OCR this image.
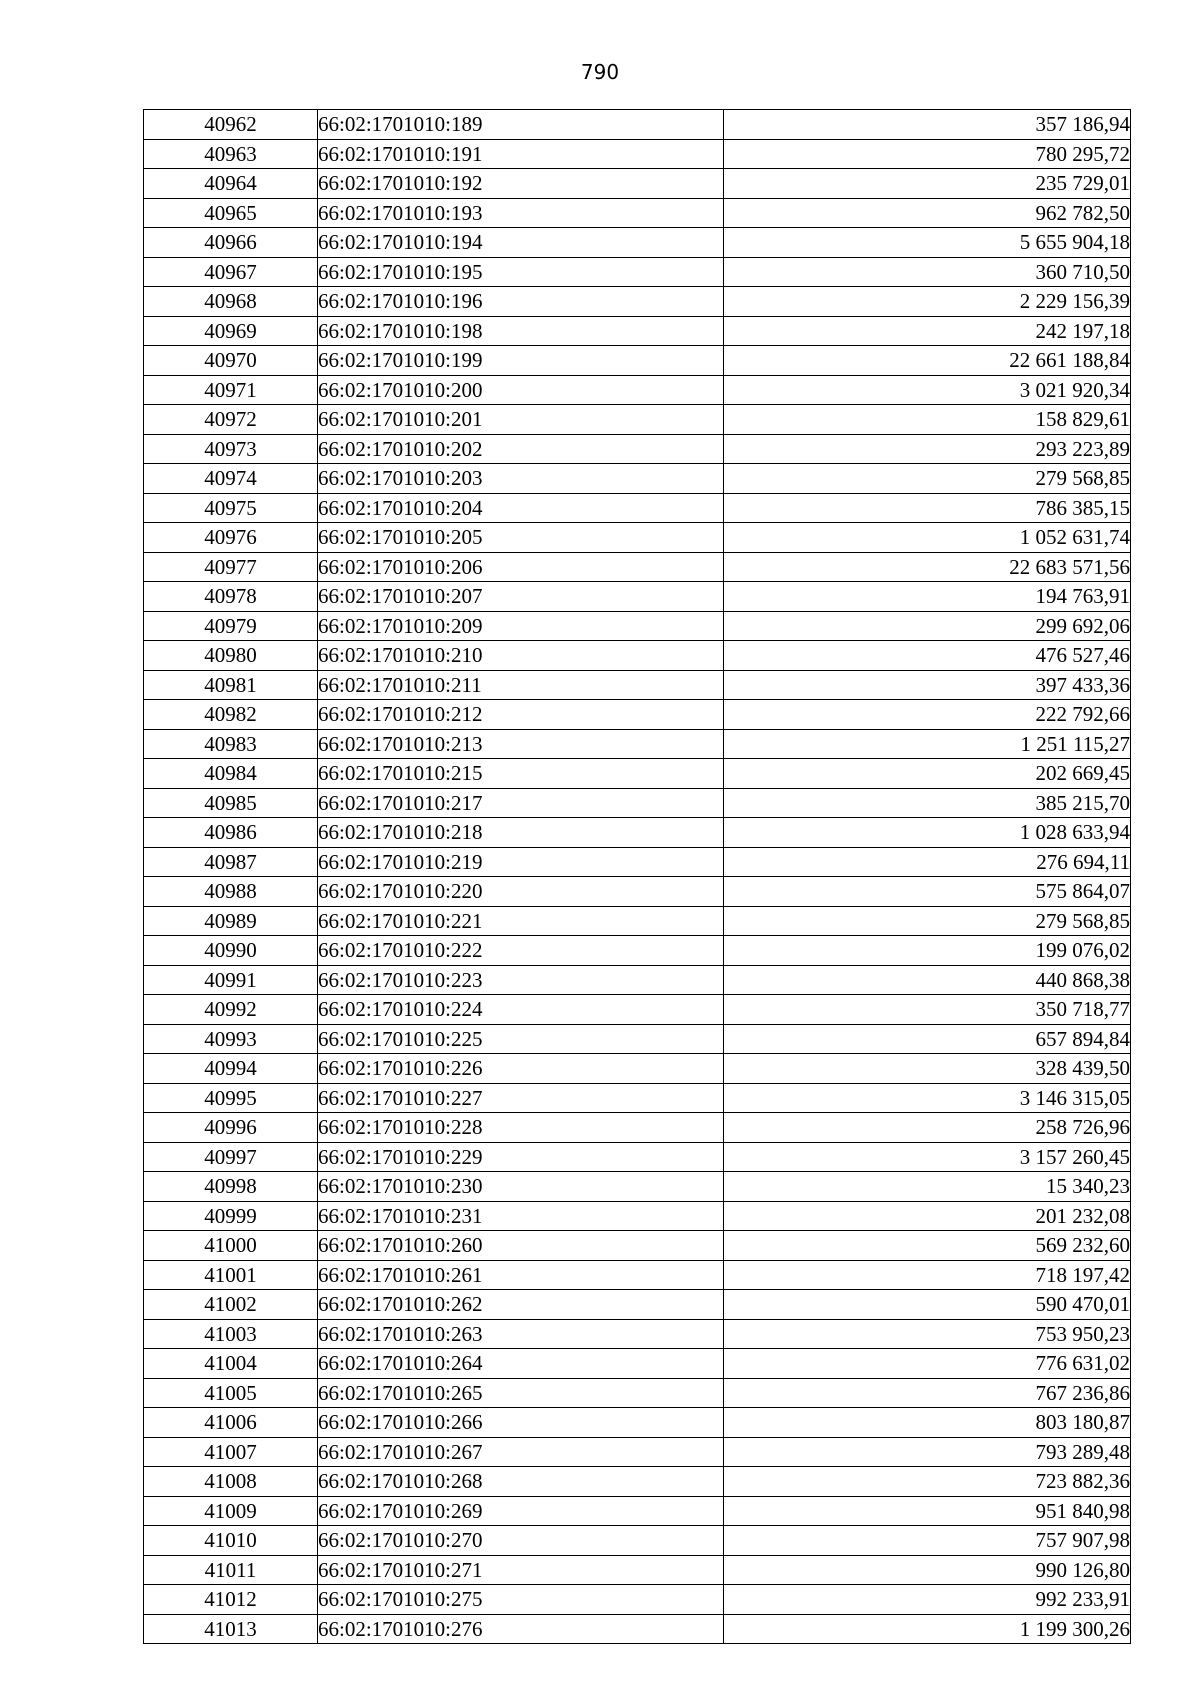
790
40962	66:02:1701010:189	357 186,94
40963	66:02:1701010:191	780 295,72
40964	66:02:1701010:192	235 729,01
40965	66:02:1701010:193	962 782,50
40966	66:02:1701010:194	5 655 904,18
40967	66:02:1701010:195	360 710,50
40968	66:02:1701010:196	2 229 156,39
40969	66:02:1701010:198	242 197,18
40970	66:02:1701010:199	22 661 188,84
40971	66:02:1701010:200	3 021 920,34
40972	66:02:1701010:201	158 829,61
40973	66:02:1701010:202	293 223,89
40974	66:02:1701010:203	279 568,85
40975	66:02:1701010:204	786 385,15
40976	66:02:1701010:205	1 052 631,74
40977	66:02:1701010:206	22 683 571,56
40978	66:02:1701010:207	194 763,91
40979	66:02:1701010:209	299 692,06
40980	66:02:1701010:210	476 527,46
40981	66:02:1701010:211	397 433,36
40982	66:02:1701010:212	222 792,66
40983	66:02:1701010:213	1 251 115,27
40984	66:02:1701010:215	202 669,45
40985	66:02:1701010:217	385 215,70
40986	66:02:1701010:218	1 028 633,94
40987	66:02:1701010:219	276 694,11
40988	66:02:1701010:220	575 864,07
40989	66:02:1701010:221	279 568,85
40990	66:02:1701010:222	199 076,02
40991	66:02:1701010:223	440 868,38
40992	66:02:1701010:224	350 718,77
40993	66:02:1701010:225	657 894,84
40994	66:02:1701010:226	328 439,50
40995	66:02:1701010:227	3 146 315,05
40996	66:02:1701010:228	258 726,96
40997	66:02:1701010:229	3 157 260,45
40998	66:02:1701010:230	15 340,23
40999	66:02:1701010:231	201 232,08
41000	66:02:1701010:260	569 232,60
41001	66:02:1701010:261	718 197,42
41002	66:02:1701010:262	590 470,01
41003	66:02:1701010:263	753 950,23
41004	66:02:1701010:264	776 631,02
41005	66:02:1701010:265	767 236,86
41006	66:02:1701010:266	803 180,87
41007	66:02:1701010:267	793 289,48
41008	66:02:1701010:268	723 882,36
41009	66:02:1701010:269	951 840,98
41010	66:02:1701010:270	757 907,98
41011	66:02:1701010:271	990 126,80
41012	66:02:1701010:275	992 233,91
41013	66:02:1701010:276	1 199 300,26
